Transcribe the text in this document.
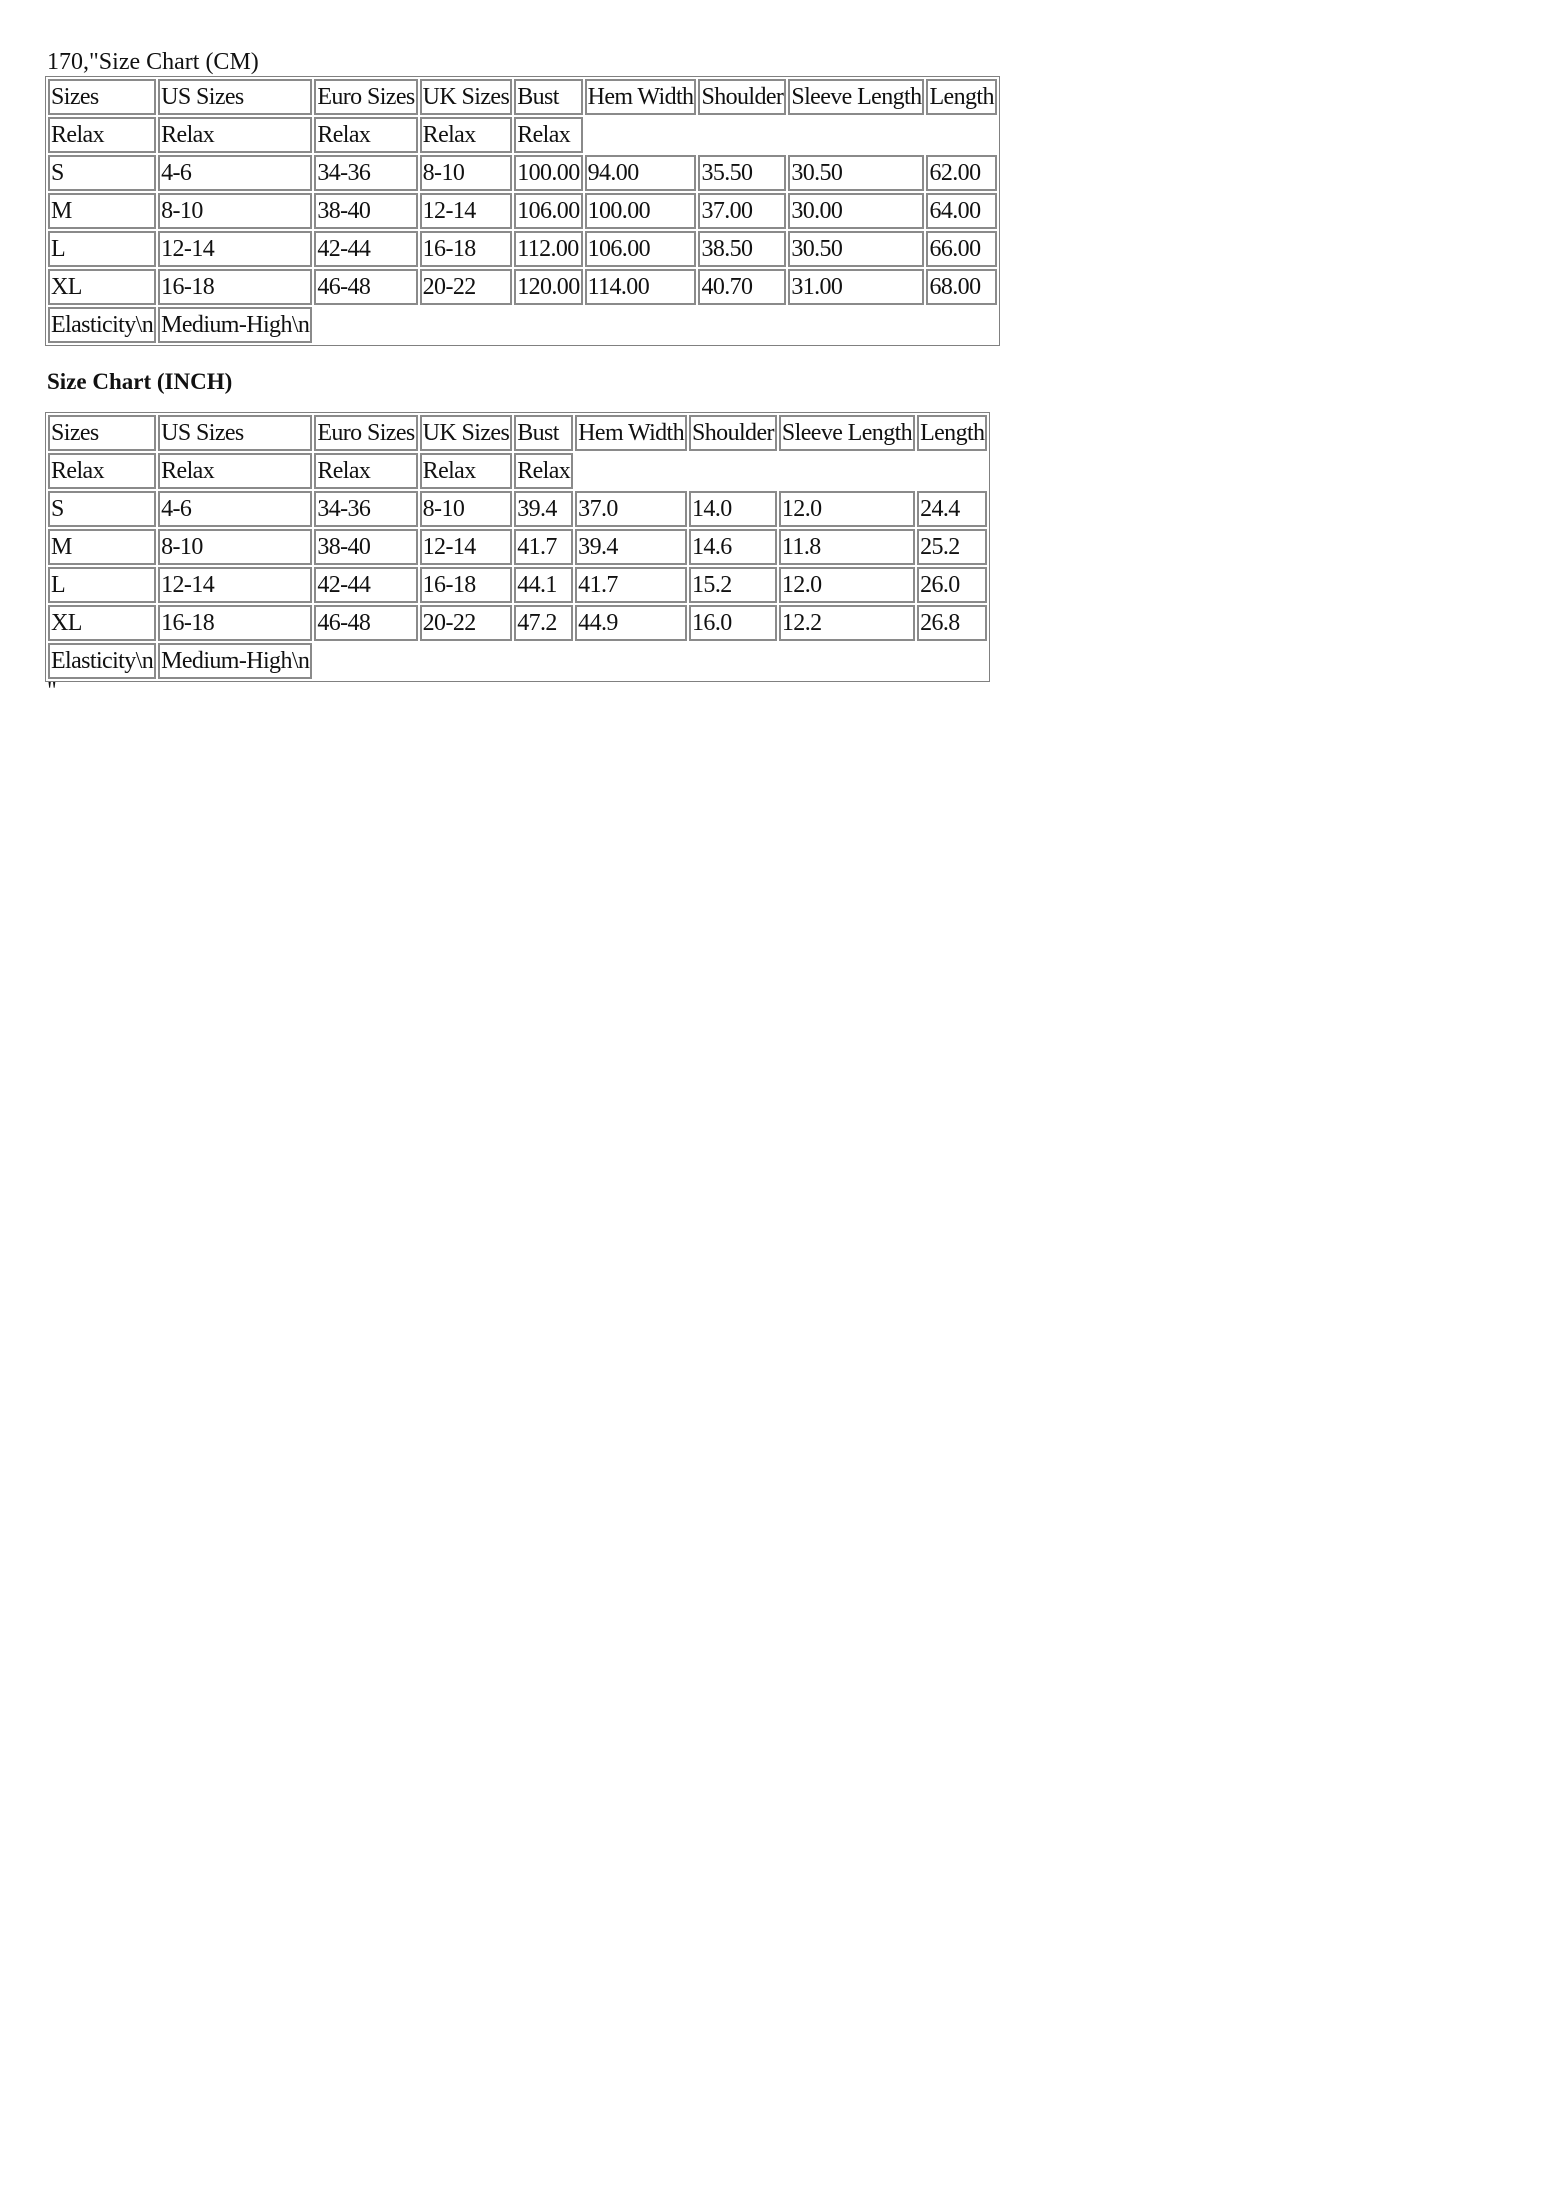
170,"Size Chart (CM)
Sizes	US Sizes	Euro Sizes	UK Sizes	Bust	Hem Width	Shoulder	Sleeve Length	Length
Relax	Relax	Relax	Relax	Relax				
S	4-6	34-36	8-10	100.00	94.00	35.50	30.50	62.00
M	8-10	38-40	12-14	106.00	100.00	37.00	30.00	64.00
L	12-14	42-44	16-18	112.00	106.00	38.50	30.50	66.00
XL	16-18	46-48	20-22	120.00	114.00	40.70	31.00	68.00
Elasticity\n	Medium-High\n							
Size Chart (INCH)
Sizes	US Sizes	Euro Sizes	UK Sizes	Bust	Hem Width	Shoulder	Sleeve Length	Length
Relax	Relax	Relax	Relax	Relax				
S	4-6	34-36	8-10	39.4	37.0	14.0	12.0	24.4
M	8-10	38-40	12-14	41.7	39.4	14.6	11.8	25.2
L	12-14	42-44	16-18	44.1	41.7	15.2	12.0	26.0
XL	16-18	46-48	20-22	47.2	44.9	16.0	12.2	26.8
Elasticity\n	Medium-High\n							
"
